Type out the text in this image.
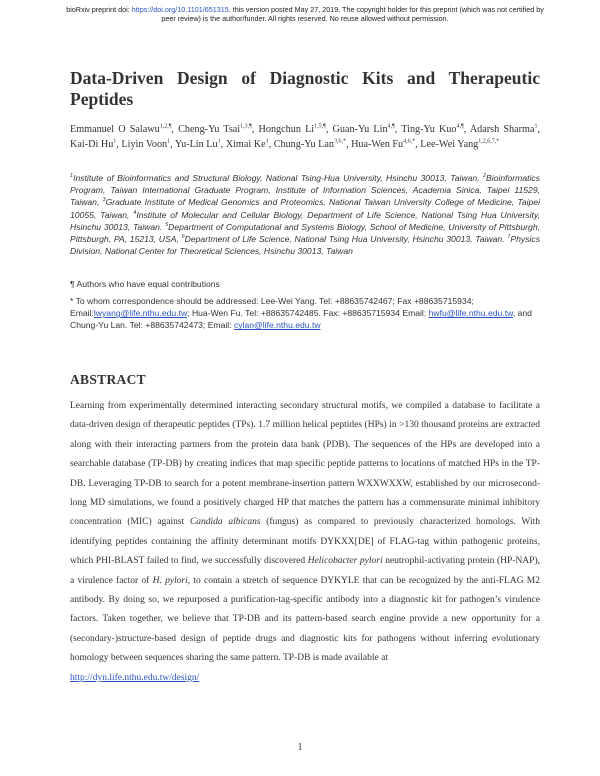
bioRxiv preprint doi: https://doi.org/10.1101/651315. this version posted May 27, 2019. The copyright holder for this preprint (which was not certified by peer review) is the author/funder. All rights reserved. No reuse allowed without permission.
Data-Driven Design of Diagnostic Kits and Therapeutic Peptides
Emmanuel O Salawu$^{1,2,\P}$, Cheng-Yu Tsai$^{1,3,\P}$, Hongchun $Li^{1,5,\P}$, Guan-Yu Lin$^{4,\P}$, Ting-Yu Kuo$^{4,\P}$, Adarsh Sharma$^1$, Kai-Di Hu$^1$, Liyin Voon$^1$, Yu-Lin Lu$^1$, Ximai Ke$^1$, Chung-Yu Lan$^{3,6,*}$, Hua-Wen $Fu^{4,6,*}$, Lee-Wei Yang$^{1,2,6,7,*}$
$^1$Institute of Bioinformatics and Structural Biology, National Tsing-Hua University, Hsinchu 30013, Taiwan, $^2$Bioinformatics Program, Taiwan International Graduate Program, Institute of Information Sciences, Academia Sinica, Taipei 11529, Taiwan, $^3$Graduate Institute of Medical Genomics and Proteomics, National Taiwan University College of Medicine, Taipei 10055, Taiwan, $^4$Institute of Molecular and Cellular Biology, Department of Life Science, National Tsing Hua University, Hsinchu 30013, Taiwan. $^5$Department of Computational and Systems Biology, School of Medicine, University of Pittsburgh, Pittsburgh, PA, 15213, USA, $^6$Department of Life Science, National Tsing Hua University, Hsinchu 30013, Taiwan. $^7$Physics Division, National Center for Theoretical Sciences, Hsinchu 30013, Taiwan
¶ Authors who have equal contributions
* To whom correspondence should be addressed: Lee-Wei Yang. Tel: +88635742467; Fax +88635715934; Email:lwyang@life.nthu.edu.tw; Hua-Wen Fu. Tel: +88635742485. Fax: +88635715934 Email: hwfu@life.nthu.edu.tw, and Chung-Yu Lan. Tel: +88635742473; Email: cylan@life.nthu.edu.tw
ABSTRACT
Learning from experimentally determined interacting secondary structural motifs, we compiled a database to facilitate a data-driven design of therapeutic peptides (TPs). 1.7 million helical peptides (HPs) in >130 thousand proteins are extracted along with their interacting partners from the protein data bank (PDB). The sequences of the HPs are developed into a searchable database (TP-DB) by creating indices that map specific peptide patterns to locations of matched HPs in the TP-DB. Leveraging TP-DB to search for a potent membrane-insertion pattern WXXWXXW, established by our microsecond-long MD simulations, we found a positively charged HP that matches the pattern has a commensurate minimal inhibitory concentration (MIC) against Candida albicans (fungus) as compared to previously characterized homologs. With identifying peptides containing the affinity determinant motifs DYKXX[DE] of FLAG-tag within pathogenic proteins, which PHI-BLAST failed to find, we successfully discovered Helicobacter pylori neutrophil-activating protein (HP-NAP), a virulence factor of H. pylori, to contain a stretch of sequence DYKYLE that can be recognized by the anti-FLAG M2 antibody. By doing so, we repurposed a purification-tag-specific antibody into a diagnostic kit for pathogen’s virulence factors. Taken together, we believe that TP-DB and its pattern-based search engine provide a new opportunity for a (secondary-)structure-based design of peptide drugs and diagnostic kits for pathogens without inferring evolutionary homology between sequences sharing the same pattern. TP-DB is made available at
http://dyn.life.nthu.edu.tw/design/
1
